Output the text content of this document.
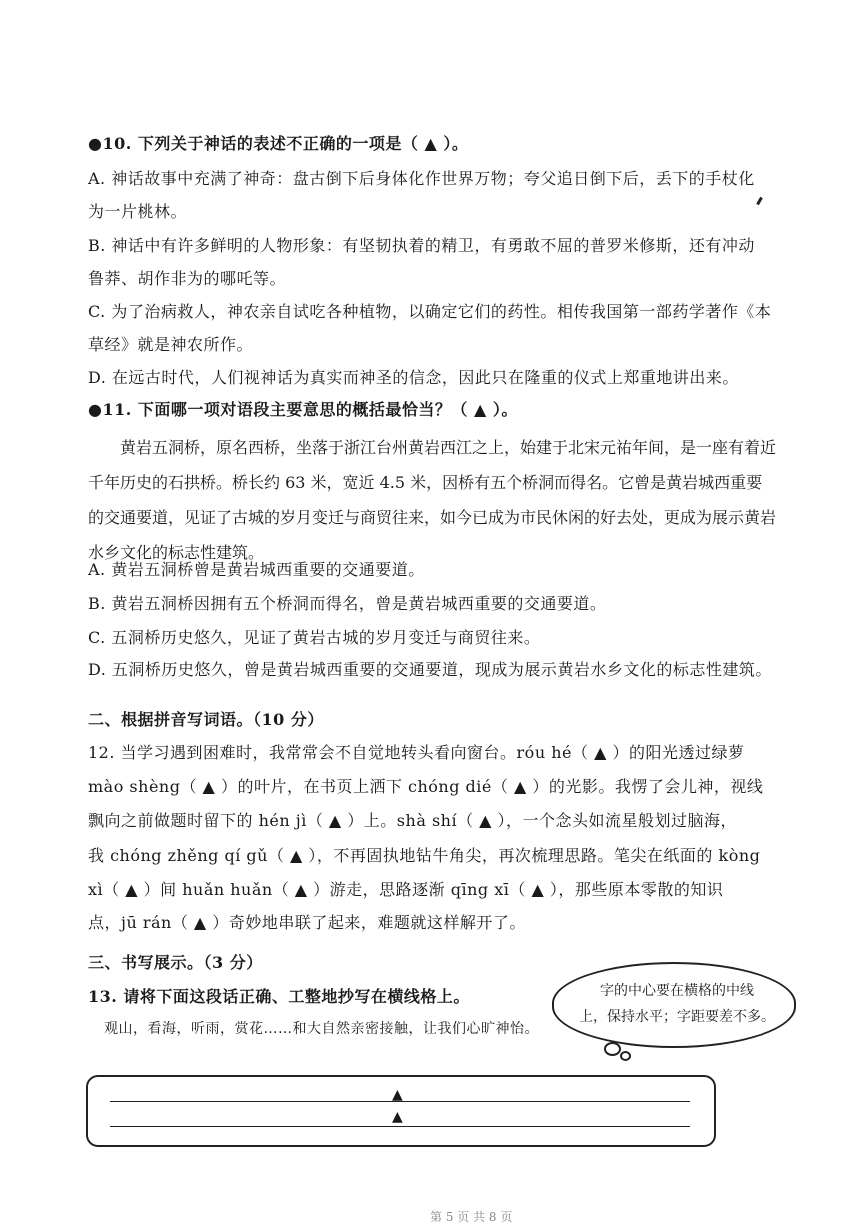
●10. 下列关于神话的表述不正确的一项是（ ▲ ）。
A. 神话故事中充满了神奇：盘古倒下后身体化作世界万物；夸父追日倒下后，丢下的手杖化
为一片桃林。
B. 神话中有许多鲜明的人物形象：有坚韧执着的精卫，有勇敢不屈的普罗米修斯，还有冲动
鲁莽、胡作非为的哪吒等。
C. 为了治病救人，神农亲自试吃各种植物，以确定它们的药性。相传我国第一部药学著作《本
草经》就是神农所作。
D. 在远古时代，人们视神话为真实而神圣的信念，因此只在隆重的仪式上郑重地讲出来。
●11. 下面哪一项对语段主要意思的概括最恰当？（ ▲ ）。

黄岩五洞桥，原名西桥，坐落于浙江台州黄岩西江之上，始建于北宋元祐年间，是一座有着近千年历史的石拱桥。桥长约 63 米，宽近 4.5 米，因桥有五个桥洞而得名。它曾是黄岩城西重要的交通要道，见证了古城的岁月变迁与商贸往来，如今已成为市民休闲的好去处，更成为展示黄岩水乡文化的标志性建筑。

A. 黄岩五洞桥曾是黄岩城西重要的交通要道。
B. 黄岩五洞桥因拥有五个桥洞而得名，曾是黄岩城西重要的交通要道。
C. 五洞桥历史悠久，见证了黄岩古城的岁月变迁与商贸往来。
D. 五洞桥历史悠久，曾是黄岩城西重要的交通要道，现成为展示黄岩水乡文化的标志性建筑。
二、根据拼音写词语。（10 分）
12. 当学习遇到困难时，我常常会不自觉地转头看向窗台。róu hé（ ▲ ）的阳光透过绿萝
mào shèng（ ▲ ）的叶片，在书页上洒下 chóng dié（ ▲ ）的光影。我愣了会儿神，视线
飘向之前做题时留下的 hén jì（ ▲ ）上。shà shí（ ▲ ），一个念头如流星般划过脑海，
我 chóng zhěng qí gǔ（ ▲ ），不再固执地钻牛角尖，再次梳理思路。笔尖在纸面的 kòng
xì（ ▲ ）间 huǎn huǎn（ ▲ ）游走，思路逐渐 qīng xī（ ▲ ），那些原本零散的知识
点，jū rán（ ▲ ）奇妙地串联了起来，难题就这样解开了。
三、书写展示。（3 分）
13. 请将下面这段话正确、工整地抄写在横线格上。
观山，看海，听雨，赏花……和大自然亲密接触，让我们心旷神怡。
字的中心要在横格的中线
上，保持水平；字距要差不多。
▲
▲
第 5 页 共 8 页
